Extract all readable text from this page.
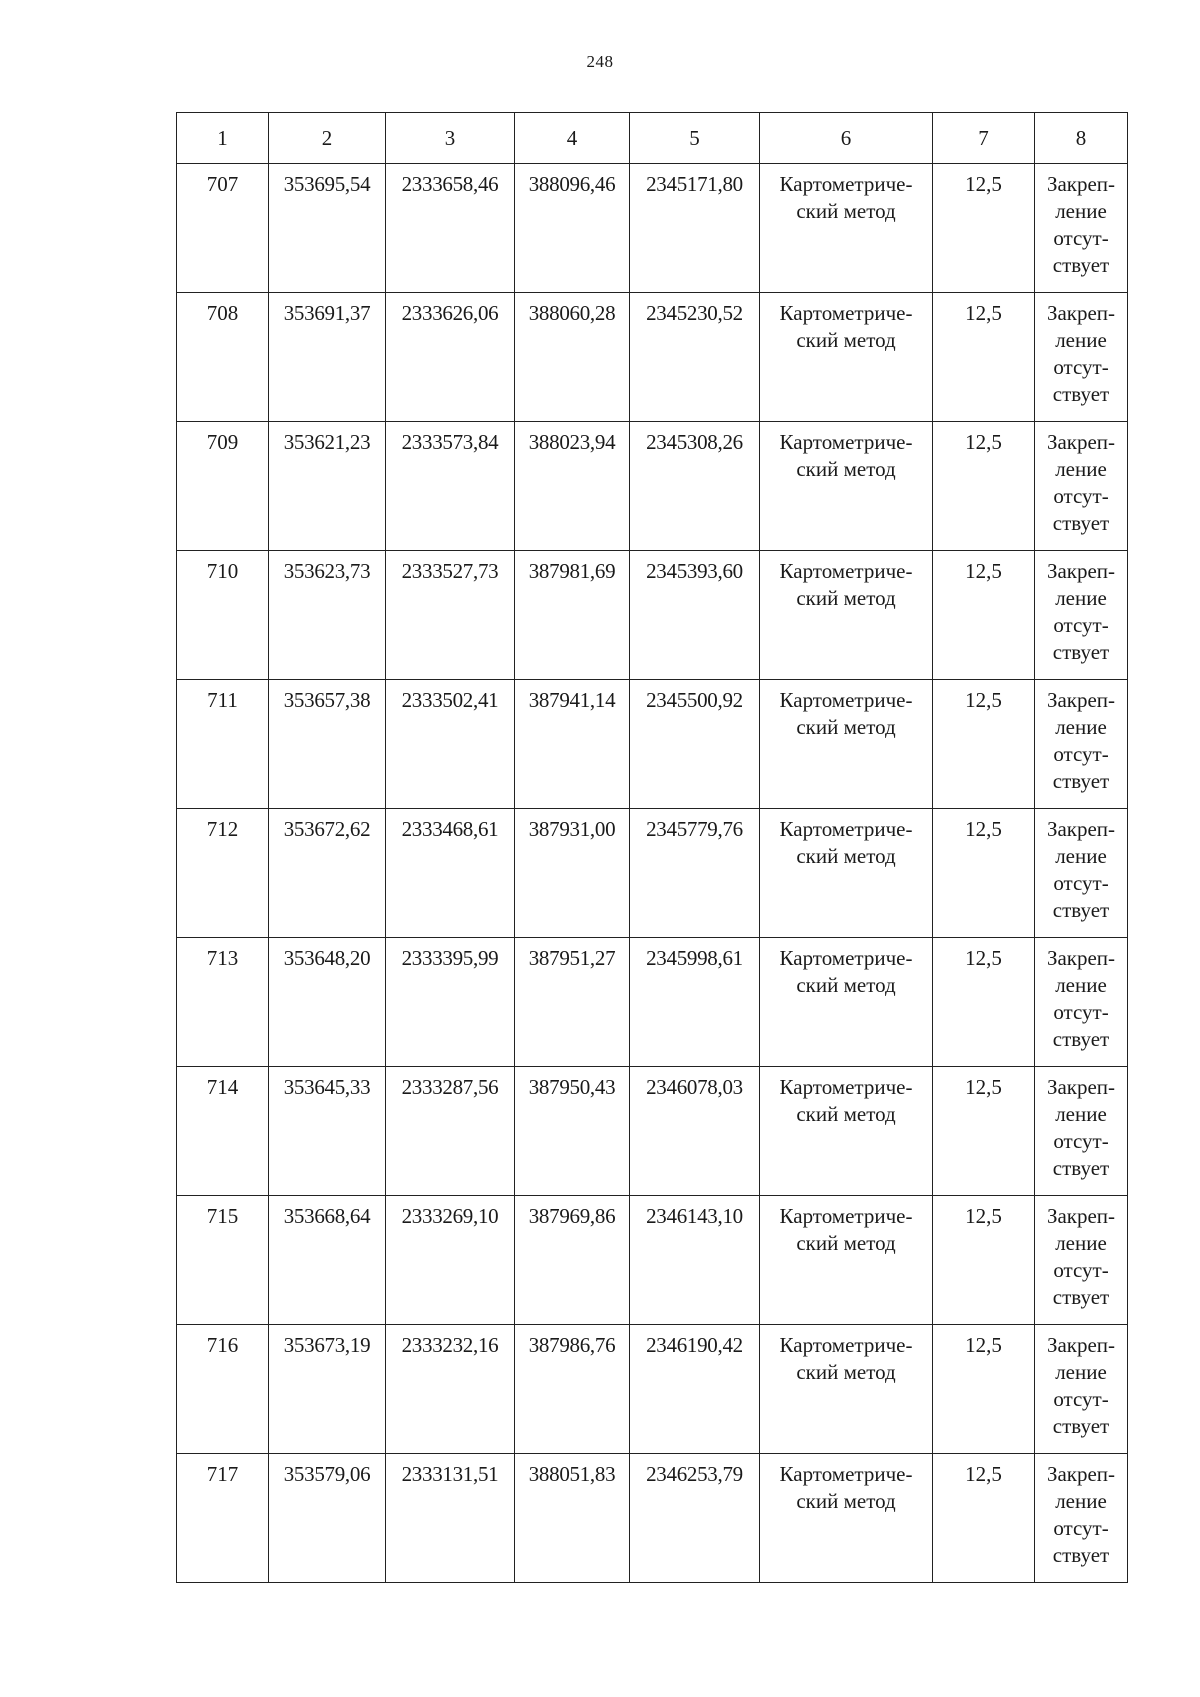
248
1	2	3	4	5	6	7	8
707	353695,54	2333658,46	388096,46	2345171,80	Картометриче-
ский метод	12,5	Закреп-
ление
отсут-
ствует

708	353691,37	2333626,06	388060,28	2345230,52	Картометриче-
ский метод	12,5	Закреп-
ление
отсут-
ствует

709	353621,23	2333573,84	388023,94	2345308,26	Картометриче-
ский метод	12,5	Закреп-
ление
отсут-
ствует

710	353623,73	2333527,73	387981,69	2345393,60	Картометриче-
ский метод	12,5	Закреп-
ление
отсут-
ствует

711	353657,38	2333502,41	387941,14	2345500,92	Картометриче-
ский метод	12,5	Закреп-
ление
отсут-
ствует

712	353672,62	2333468,61	387931,00	2345779,76	Картометриче-
ский метод	12,5	Закреп-
ление
отсут-
ствует

713	353648,20	2333395,99	387951,27	2345998,61	Картометриче-
ский метод	12,5	Закреп-
ление
отсут-
ствует

714	353645,33	2333287,56	387950,43	2346078,03	Картометриче-
ский метод	12,5	Закреп-
ление
отсут-
ствует

715	353668,64	2333269,10	387969,86	2346143,10	Картометриче-
ский метод	12,5	Закреп-
ление
отсут-
ствует

716	353673,19	2333232,16	387986,76	2346190,42	Картометриче-
ский метод	12,5	Закреп-
ление
отсут-
ствует

717	353579,06	2333131,51	388051,83	2346253,79	Картометриче-
ский метод	12,5	Закреп-
ление
отсут-
ствует
